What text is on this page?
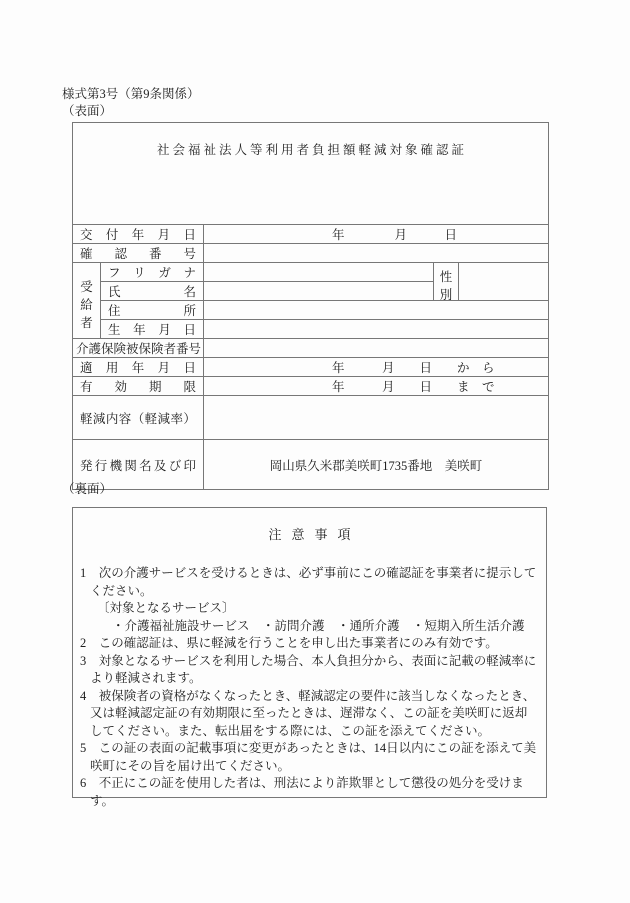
様式第3号（第9条関係）
（表面）
社会福祉法人等利用者負担額軽減対象確認証				

交 付 年 月 日		年　　　　月　　　日		

確 認 番 号				

受
給
者	フ リ ガ ナ		性
別	

	氏 名			

	住 所			

	生 年 月 日			

介護保険被保険者番号				

適 用 年 月 日		年　　　月　　日　　か　ら		

有 効 期 限		年　　　月　　日　　ま　で		

軽 減 内 容 （ 軽 減 率 ）

発 行 機 関 名 及 び 印	岡山県久米郡美咲町1735番地　美咲町
（裏面）
注意事項
1　次の介護サービスを受けるときは、必ず事前にこの確認証を事業者に提示してください。
〔対象となるサービス〕
・介護福祉施設サービス　・訪問介護　・通所介護　・短期入所生活介護
2　この確認証は、県に軽減を行うことを申し出た事業者にのみ有効です。
3　対象となるサービスを利用した場合、本人負担分から、表面に記載の軽減率により軽減されます。
4　被保険者の資格がなくなったとき、軽減認定の要件に該当しなくなったとき、又は軽減認定証の有効期限に至ったときは、遅滞なく、この証を美咲町に返却してください。また、転出届をする際には、この証を添えてください。
5　この証の表面の記載事項に変更があったときは、14日以内にこの証を添えて美咲町にその旨を届け出てください。
6　不正にこの証を使用した者は、刑法により詐欺罪として懲役の処分を受けます。
